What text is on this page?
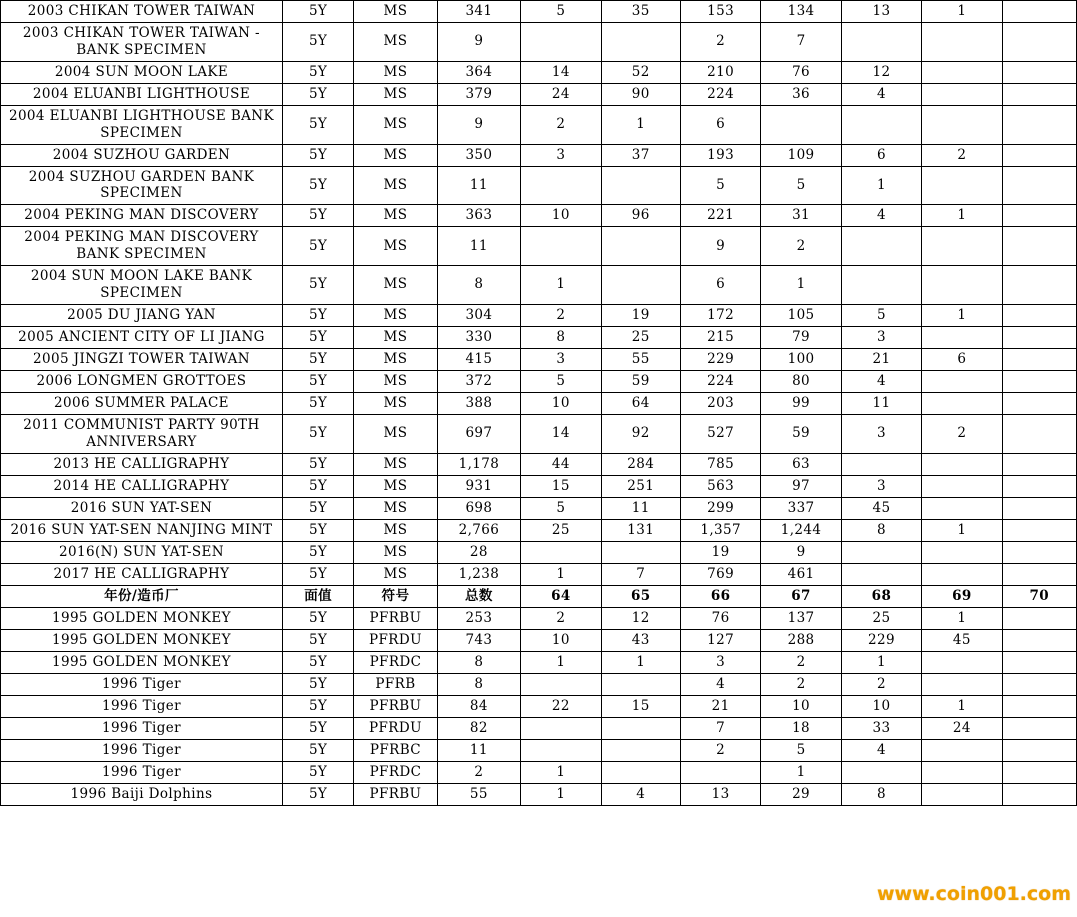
2003 CHIKAN TOWER TAIWAN	5Y	MS	341	5	35	153	134	13	1	
2003 CHIKAN TOWER TAIWAN - BANK SPECIMEN	5Y	MS	9			2	7			
2004 SUN MOON LAKE	5Y	MS	364	14	52	210	76	12		
2004 ELUANBI LIGHTHOUSE	5Y	MS	379	24	90	224	36	4		
2004 ELUANBI LIGHTHOUSE BANK SPECIMEN	5Y	MS	9	2	1	6				
2004 SUZHOU GARDEN	5Y	MS	350	3	37	193	109	6	2	
2004 SUZHOU GARDEN BANK SPECIMEN	5Y	MS	11			5	5	1		
2004 PEKING MAN DISCOVERY	5Y	MS	363	10	96	221	31	4	1	
2004 PEKING MAN DISCOVERY BANK SPECIMEN	5Y	MS	11			9	2			
2004 SUN MOON LAKE BANK SPECIMEN	5Y	MS	8	1		6	1			
2005 DU JIANG YAN	5Y	MS	304	2	19	172	105	5	1	
2005 ANCIENT CITY OF LI JIANG	5Y	MS	330	8	25	215	79	3		
2005 JINGZI TOWER TAIWAN	5Y	MS	415	3	55	229	100	21	6	
2006 LONGMEN GROTTOES	5Y	MS	372	5	59	224	80	4		
2006 SUMMER PALACE	5Y	MS	388	10	64	203	99	11		
2011 COMMUNIST PARTY 90TH ANNIVERSARY	5Y	MS	697	14	92	527	59	3	2	
2013 HE CALLIGRAPHY	5Y	MS	1,178	44	284	785	63			
2014 HE CALLIGRAPHY	5Y	MS	931	15	251	563	97	3		
2016 SUN YAT-SEN	5Y	MS	698	5	11	299	337	45		
2016 SUN YAT-SEN NANJING MINT	5Y	MS	2,766	25	131	1,357	1,244	8	1	
2016(N) SUN YAT-SEN	5Y	MS	28			19	9			
2017 HE CALLIGRAPHY	5Y	MS	1,238	1	7	769	461			
年份/造币厂	面值	符号	总数	64	65	66	67	68	69	70
1995 GOLDEN MONKEY	5Y	PFRBU	253	2	12	76	137	25	1	
1995 GOLDEN MONKEY	5Y	PFRDU	743	10	43	127	288	229	45	
1995 GOLDEN MONKEY	5Y	PFRDC	8	1	1	3	2	1		
1996 Tiger	5Y	PFRB	8			4	2	2		
1996 Tiger	5Y	PFRBU	84	22	15	21	10	10	1	
1996 Tiger	5Y	PFRDU	82			7	18	33	24	
1996 Tiger	5Y	PFRBC	11			2	5	4		
1996 Tiger	5Y	PFRDC	2	1			1			
1996 Baiji Dolphins	5Y	PFRBU	55	1	4	13	29	8		
www.coin001.com
